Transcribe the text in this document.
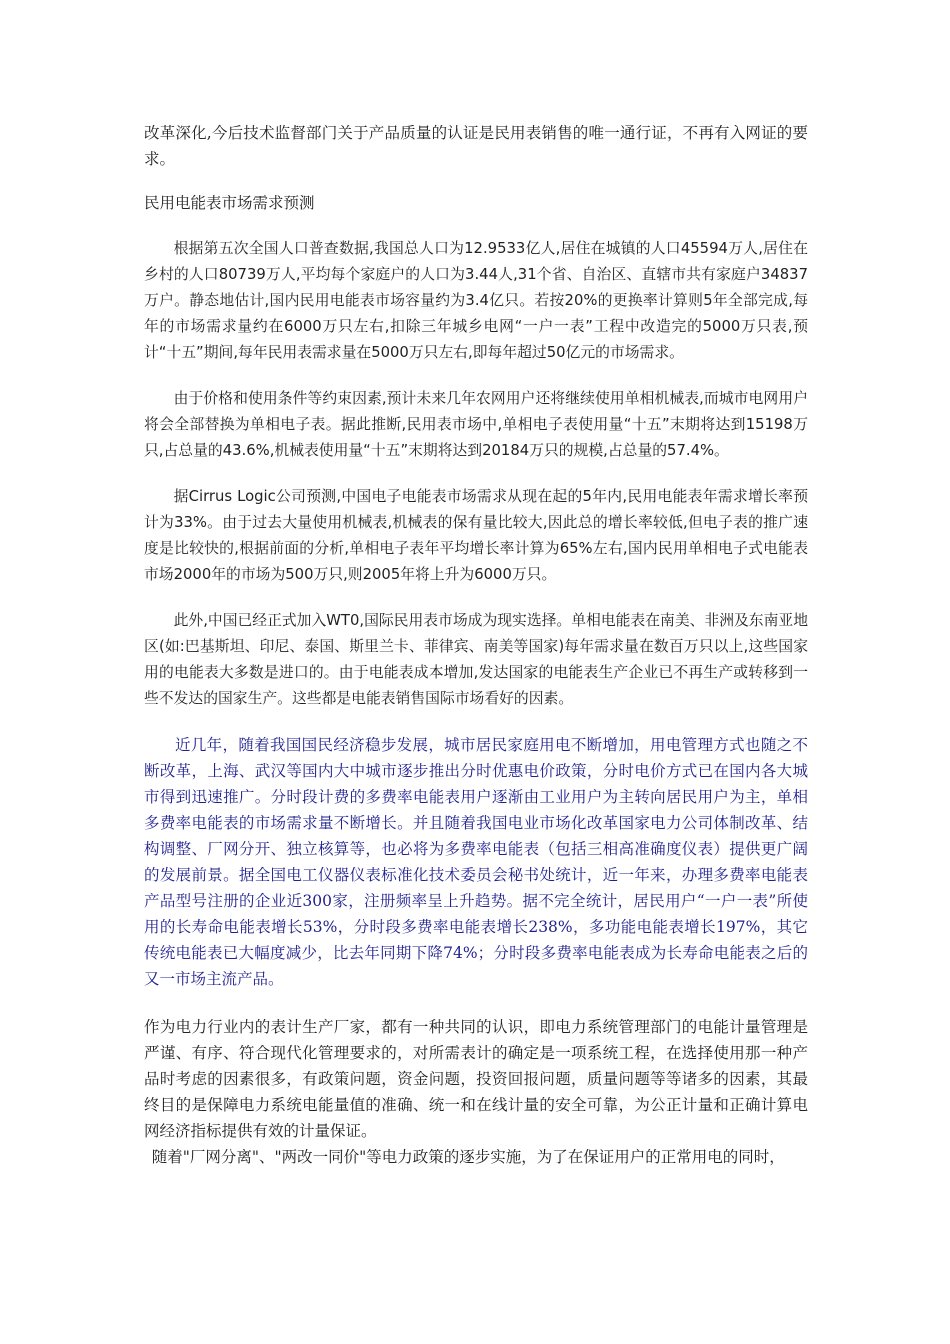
改革深化,今后技术监督部门关于产品质量的认证是民用表销售的唯一通行证，不再有入网证的要求。

民用电能表市场需求预测

根据第五次全国人口普查数据,我国总人口为12.9533亿人,居住在城镇的人口45594万人,居住在乡村的人口80739万人,平均每个家庭户的人口为3.44人,31个省、自治区、直辖市共有家庭户34837万户。静态地估计,国内民用电能表市场容量约为3.4亿只。若按20%的更换率计算则5年全部完成,每年的市场需求量约在6000万只左右,扣除三年城乡电网“一户一表”工程中改造完的5000万只表,预计“十五”期间,每年民用表需求量在5000万只左右,即每年超过50亿元的市场需求。

由于价格和使用条件等约束因素,预计未来几年农网用户还将继续使用单相机械表,而城市电网用户将会全部替换为单相电子表。据此推断,民用表市场中,单相电子表使用量“十五”末期将达到15198万只,占总量的43.6%,机械表使用量“十五”末期将达到20184万只的规模,占总量的57.4%。

据Cirrus Logic公司预测,中国电子电能表市场需求从现在起的5年内,民用电能表年需求增长率预计为33%。由于过去大量使用机械表,机械表的保有量比较大,因此总的增长率较低,但电子表的推广速度是比较快的,根据前面的分析,单相电子表年平均增长率计算为65%左右,国内民用单相电子式电能表市场2000年的市场为500万只,则2005年将上升为6000万只。

此外,中国已经正式加入WT0,国际民用表市场成为现实选择。单相电能表在南美、非洲及东南亚地区(如:巴基斯坦、印尼、泰国、斯里兰卡、菲律宾、南美等国家)每年需求量在数百万只以上,这些国家用的电能表大多数是进口的。由于电能表成本增加,发达国家的电能表生产企业已不再生产或转移到一些不发达的国家生产。这些都是电能表销售国际市场看好的因素。

近几年，随着我国国民经济稳步发展，城市居民家庭用电不断增加，用电管理方式也随之不断改革，上海、武汉等国内大中城市逐步推出分时优惠电价政策，分时电价方式已在国内各大城市得到迅速推广。分时段计费的多费率电能表用户逐渐由工业用户为主转向居民用户为主，单相多费率电能表的市场需求量不断增长。并且随着我国电业市场化改革国家电力公司体制改革、结构调整、厂网分开、独立核算等，也必将为多费率电能表（包括三相高准确度仪表）提供更广阔的发展前景。据全国电工仪器仪表标准化技术委员会秘书处统计，近一年来，办理多费率电能表产品型号注册的企业近300家，注册频率呈上升趋势。据不完全统计，居民用户“一户一表”所使用的长寿命电能表增长53%，分时段多费率电能表增长238%，多功能电能表增长197%，其它传统电能表已大幅度减少，比去年同期下降74%；分时段多费率电能表成为长寿命电能表之后的又一市场主流产品。

作为电力行业内的表计生产厂家，都有一种共同的认识，即电力系统管理部门的电能计量管理是严谨、有序、符合现代化管理要求的，对所需表计的确定是一项系统工程，在选择使用那一种产品时考虑的因素很多，有政策问题，资金问题，投资回报问题，质量问题等等诸多的因素，其最终目的是保障电力系统电能量值的准确、统一和在线计量的安全可靠，为公正计量和正确计算电网经济指标提供有效的计量保证。

随着"厂网分离"、"两改一同价"等电力政策的逐步实施，为了在保证用户的正常用电的同时，
